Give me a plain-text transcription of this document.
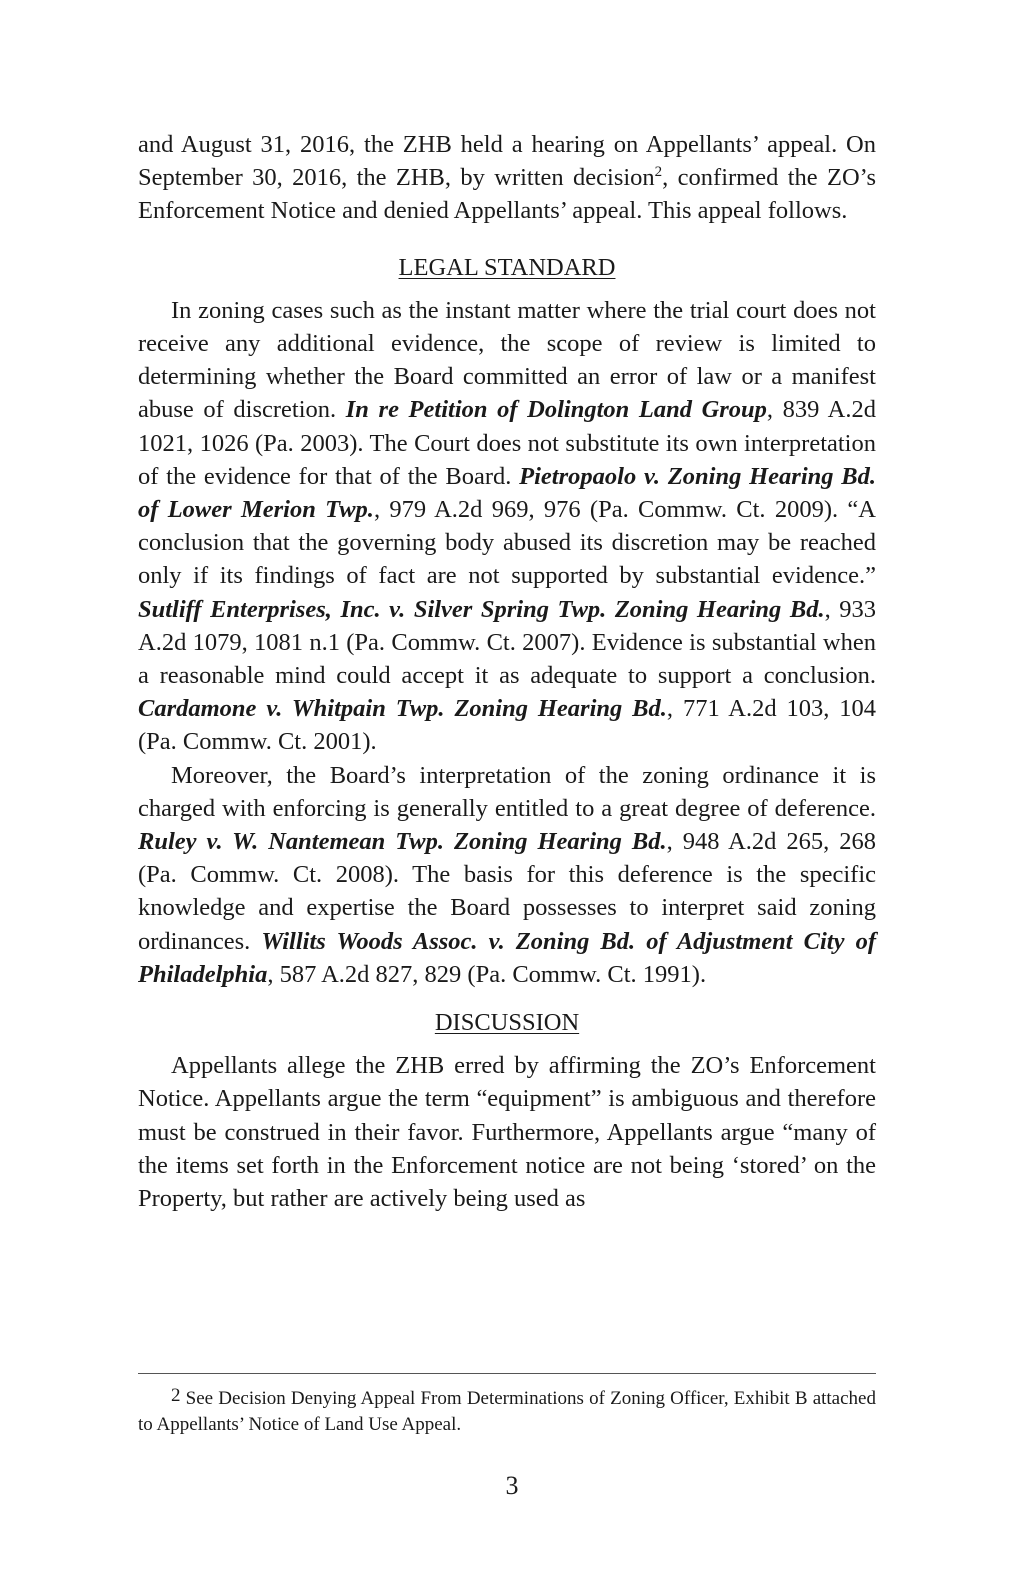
and August 31, 2016, the ZHB held a hearing on Appellants’ appeal. On September 30, 2016, the ZHB, by written decision$^2$, confirmed the ZO’s Enforcement Notice and denied Appellants’ appeal. This appeal follows.

LEGAL STANDARD

In zoning cases such as the instant matter where the trial court does not receive any additional evidence, the scope of review is limited to determining whether the Board committed an error of law or a manifest abuse of discretion. In re Petition of Dolington Land Group, 839 A.2d 1021, 1026 (Pa. 2003). The Court does not substitute its own interpretation of the evidence for that of the Board. Pietropaolo v. Zoning Hearing Bd. of Lower Merion Twp., 979 A.2d 969, 976 (Pa. Commw. Ct. 2009). “A conclusion that the governing body abused its discretion may be reached only if its findings of fact are not supported by substantial evidence.” Sutliff Enterprises, Inc. v. Silver Spring Twp. Zoning Hearing Bd., 933 A.2d 1079, 1081 n.1 (Pa. Commw. Ct. 2007). Evidence is substantial when a reasonable mind could accept it as adequate to support a conclusion. Cardamone v. Whitpain Twp. Zoning Hearing Bd., 771 A.2d 103, 104 (Pa. Commw. Ct. 2001).

Moreover, the Board’s interpretation of the zoning ordinance it is charged with enforcing is generally entitled to a great degree of deference. Ruley v. W. Nantemean Twp. Zoning Hearing Bd., 948 A.2d 265, 268 (Pa. Commw. Ct. 2008). The basis for this deference is the specific knowledge and expertise the Board possesses to interpret said zoning ordinances. Willits Woods Assoc. v. Zoning Bd. of Adjustment City of Philadelphia, 587 A.2d 827, 829 (Pa. Commw. Ct. 1991).

DISCUSSION

Appellants allege the ZHB erred by affirming the ZO’s Enforcement Notice. Appellants argue the term “equipment” is ambiguous and therefore must be construed in their favor. Furthermore, Appellants argue “many of the items set forth in the Enforcement notice are not being ‘stored’ on the Property, but rather are actively being used as

2 See Decision Denying Appeal From Determinations of Zoning Officer, Exhibit B attached to Appellants’ Notice of Land Use Appeal.

3
